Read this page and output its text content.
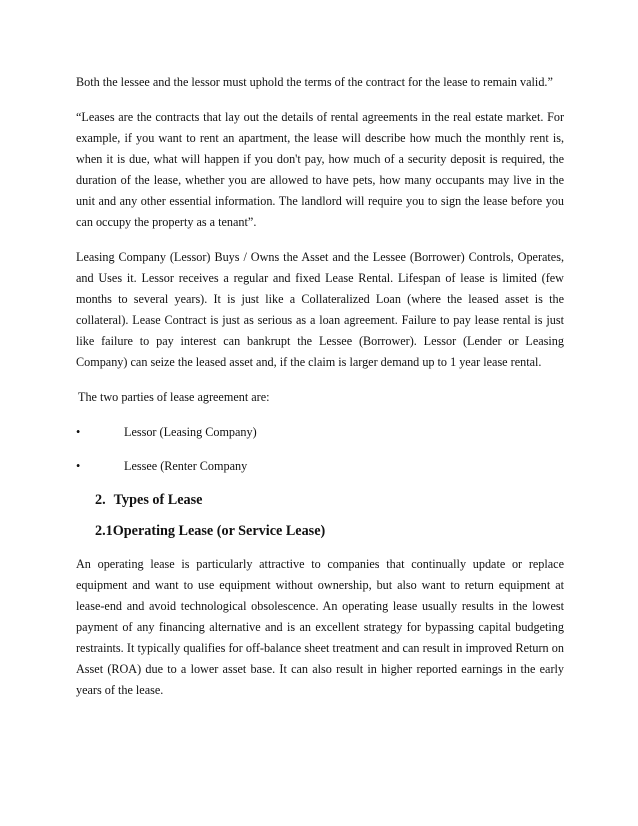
Both the lessee and the lessor must uphold the terms of the contract for the lease to remain valid.”

“Leases are the contracts that lay out the details of rental agreements in the real estate market. For example, if you want to rent an apartment, the lease will describe how much the monthly rent is, when it is due, what will happen if you don't pay, how much of a security deposit is required, the duration of the lease, whether you are allowed to have pets, how many occupants may live in the unit and any other essential information. The landlord will require you to sign the lease before you can occupy the property as a tenant”.

Leasing Company (Lessor) Buys / Owns the Asset and the Lessee (Borrower) Controls, Operates, and Uses it. Lessor receives a regular and fixed Lease Rental. Lifespan of lease is limited (few months to several years). It is just like a Collateralized Loan (where the leased asset is the collateral). Lease Contract is just as serious as a loan agreement. Failure to pay lease rental is just like failure to pay interest can bankrupt the Lessee (Borrower). Lessor (Lender or Leasing Company) can seize the leased asset and, if the claim is larger demand up to 1 year lease rental.

The two parties of lease agreement are:

•	Lessor (Leasing Company)
•	Lessee (Renter Company
2. Types of Lease
2.1Operating Lease (or Service Lease)

An operating lease is particularly attractive to companies that continually update or replace equipment and want to use equipment without ownership, but also want to return equipment at lease-end and avoid technological obsolescence. An operating lease usually results in the lowest payment of any financing alternative and is an excellent strategy for bypassing capital budgeting restraints. It typically qualifies for off-balance sheet treatment and can result in improved Return on Asset (ROA) due to a lower asset base. It can also result in higher reported earnings in the early years of the lease.
